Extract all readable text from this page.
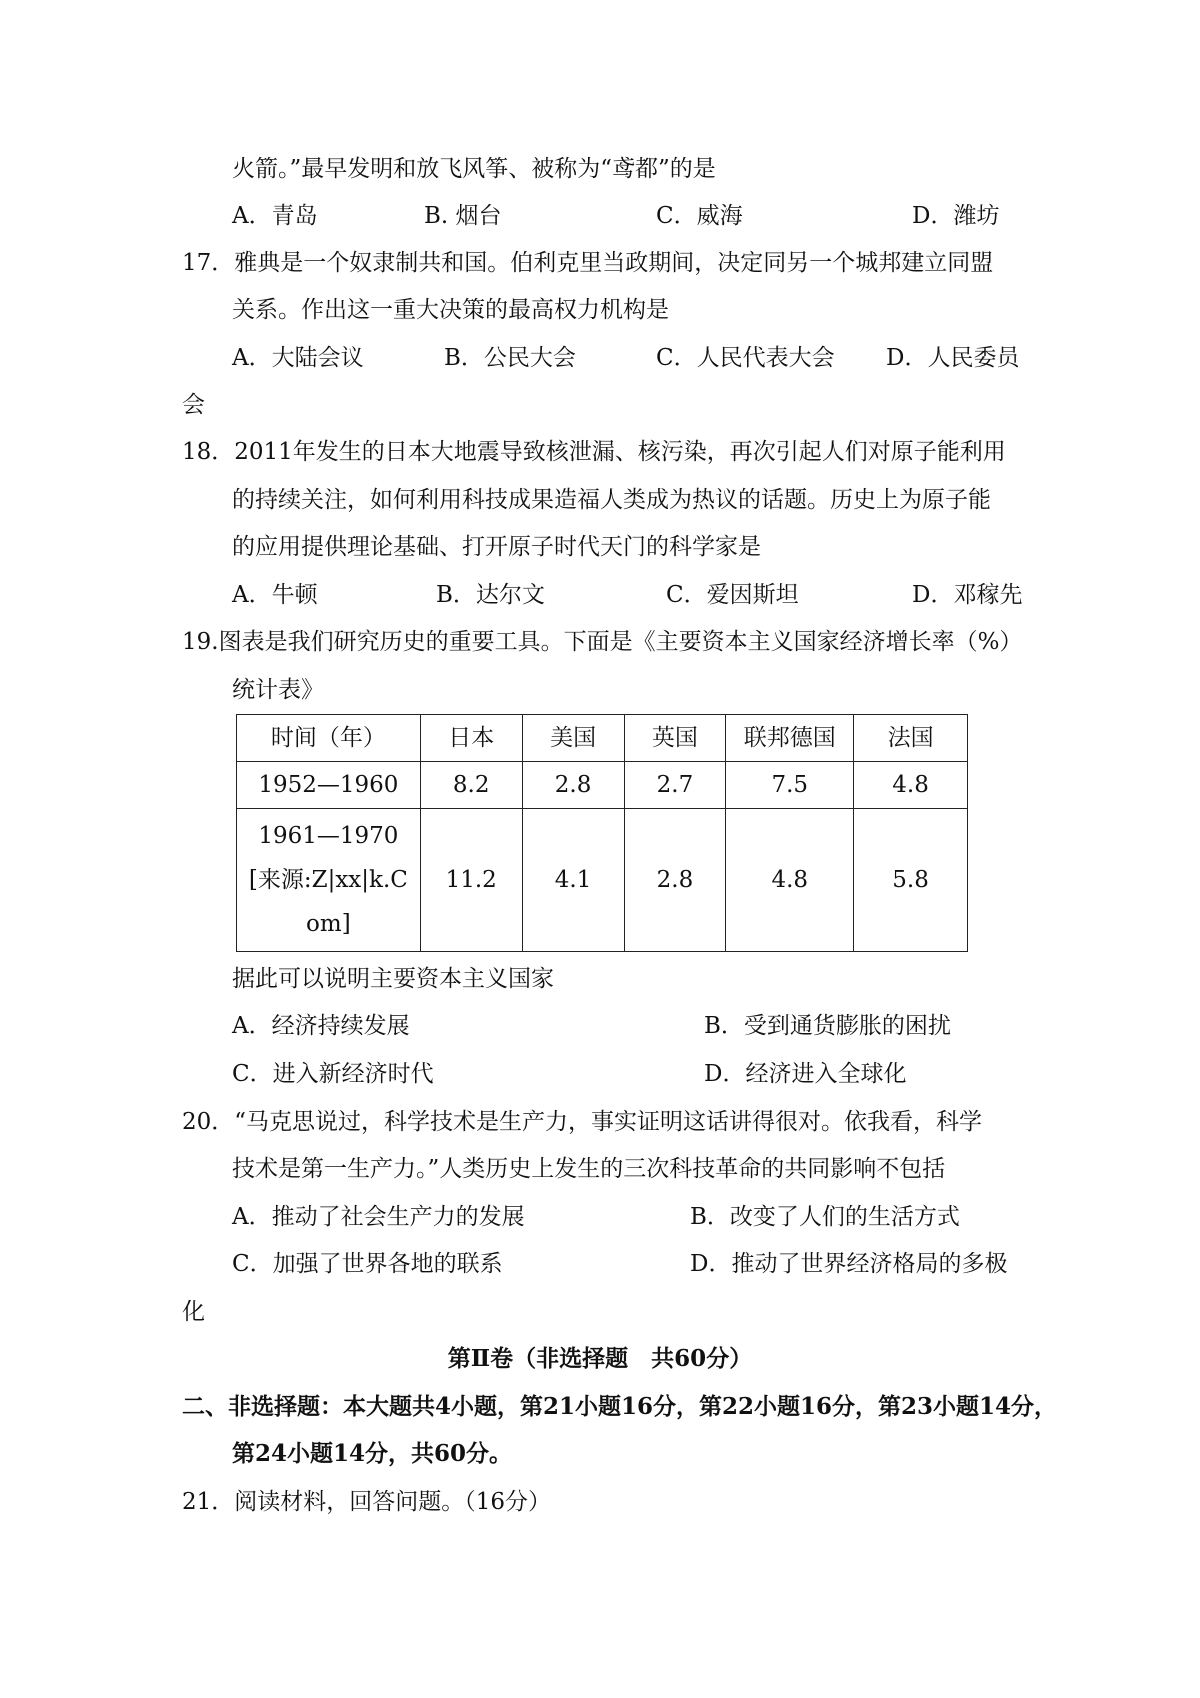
火箭。”最早发明和放飞风筝、被称为“鸢都”的是
A．青岛	B. 烟台	C．威海	D．潍坊
17．雅典是一个奴隶制共和国。伯利克里当政期间，决定同另一个城邦建立同盟
关系。作出这一重大决策的最高权力机构是
A．大陆会议	B．公民大会	C．人民代表大会 D．人民委员
会
18．2011年发生的日本大地震导致核泄漏、核污染，再次引起人们对原子能利用
的持续关注，如何利用科技成果造福人类成为热议的话题。历史上为原子能
的应用提供理论基础、打开原子时代天门的科学家是
A．牛顿	B．达尔文	C．爱因斯坦	D．邓稼先
19.图表是我们研究历史的重要工具。下面是《主要资本主义国家经济增长率（%）
统计表》
时间（年）	日本	美国	英国	联邦德国	法国
1952—1960	8.2	2.8	2.7	7.5	4.8
1961—1970[来源:Z|xx|k.Com]	11.2	4.1	2.8	4.8	5.8
据此可以说明主要资本主义国家
A．经济持续发展	B．受到通货膨胀的困扰
C．进入新经济时代	D．经济进入全球化
20．“马克思说过，科学技术是生产力，事实证明这话讲得很对。依我看，科学
技术是第一生产力。”人类历史上发生的三次科技革命的共同影响不包括
A．推动了社会生产力的发展	B．改变了人们的生活方式
C．加强了世界各地的联系	D．推动了世界经济格局的多极
化
第Ⅱ卷（非选择题　共60分）
二、非选择题：本大题共4小题，第21小题16分，第22小题16分，第23小题14分，
第24小题14分，共60分。
21．阅读材料，回答问题。（16分）
